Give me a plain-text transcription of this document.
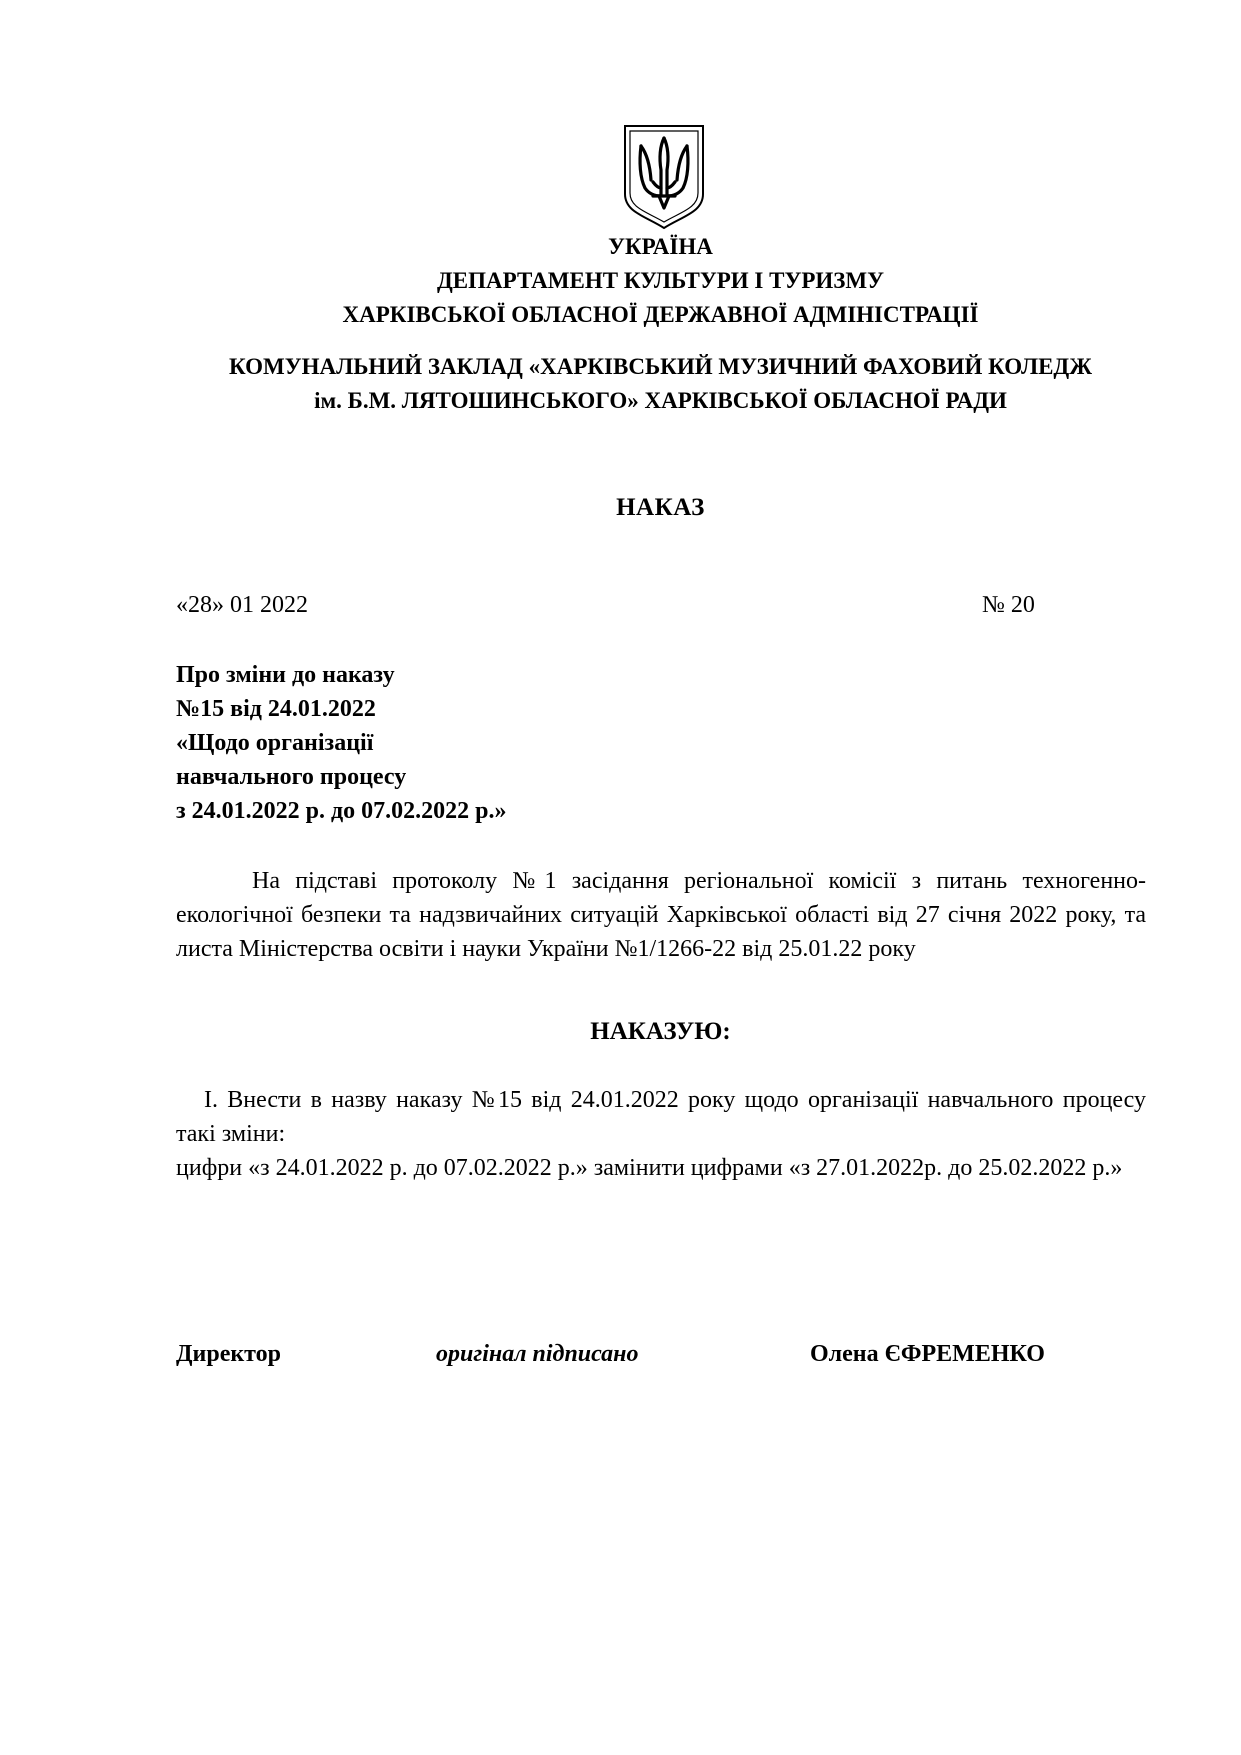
УКРАЇНА
ДЕПАРТАМЕНТ КУЛЬТУРИ І ТУРИЗМУ
ХАРКІВСЬКОЇ ОБЛАСНОЇ ДЕРЖАВНОЇ АДМІНІСТРАЦІЇ
КОМУНАЛЬНИЙ ЗАКЛАД «ХАРКІВСЬКИЙ МУЗИЧНИЙ ФАХОВИЙ КОЛЕДЖ
ім. Б.М. ЛЯТОШИНСЬКОГО» ХАРКІВСЬКОЇ ОБЛАСНОЇ РАДИ
НАКАЗ
«28» 01 2022	№ 20
Про зміни до наказу
№15 від 24.01.2022
«Щодо організації
навчального процесу
з 24.01.2022 р. до 07.02.2022 р.»
На підставі протоколу №1 засідання регіональної комісії з питань техногенно-екологічної безпеки та надзвичайних ситуацій Харківської області від 27 січня 2022 року, та листа Міністерства освіти і науки України №1/1266-22 від 25.01.22 року
НАКАЗУЮ:
І. Внести в назву наказу №15 від 24.01.2022 року щодо організації навчального процесу такі зміни:
цифри «з 24.01.2022 р. до 07.02.2022 р.» замінити цифрами «з 27.01.2022р. до 25.02.2022 р.»
Директор	оригінал підписано	Олена ЄФРЕМЕНКО
